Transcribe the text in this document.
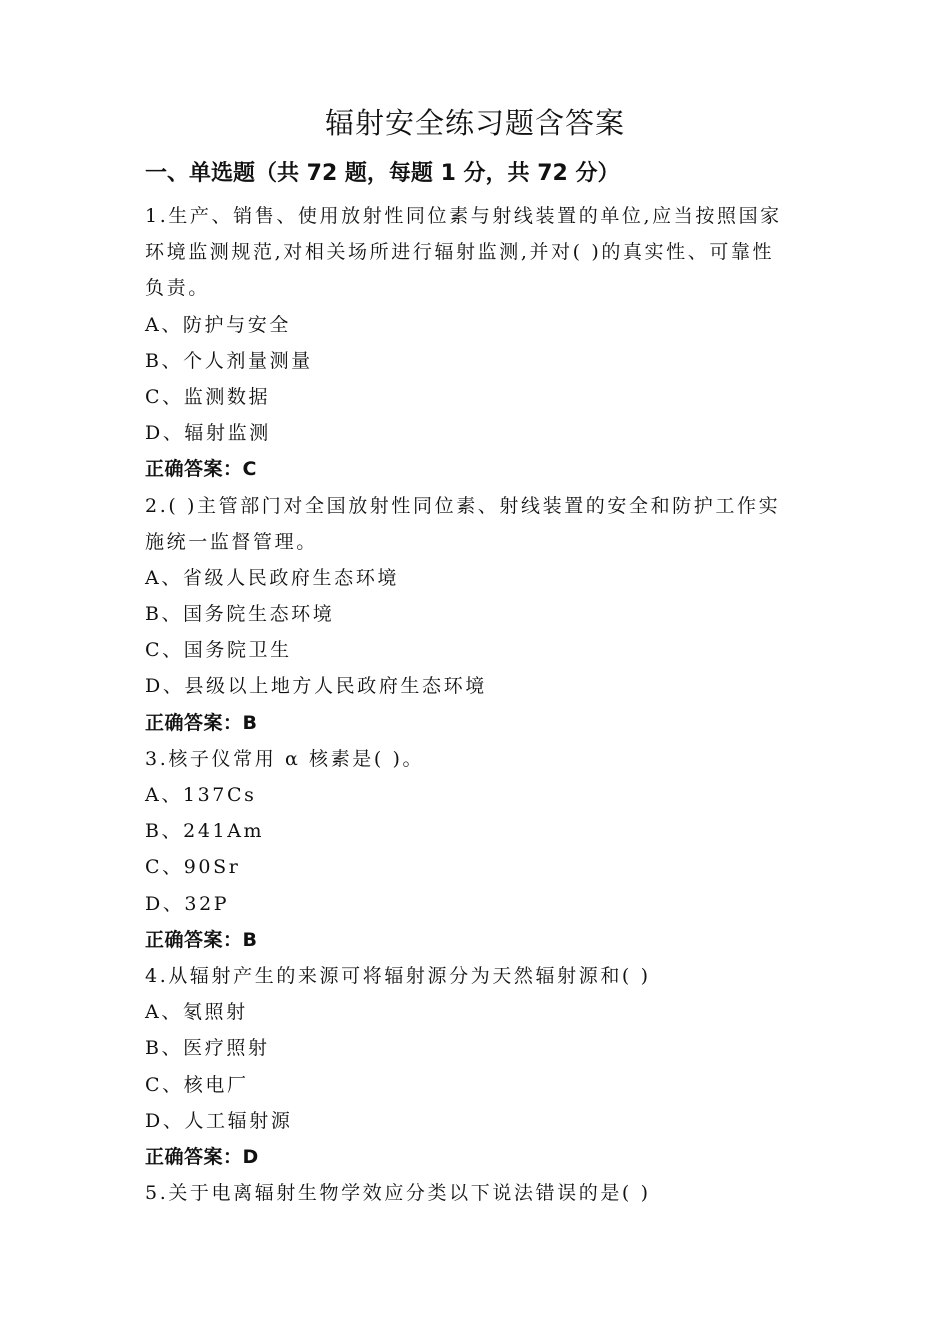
辐射安全练习题含答案
一、单选题（共 72 题，每题 1 分，共 72 分）

1.生产、销售、使用放射性同位素与射线装置的单位,应当按照国家

环境监测规范,对相关场所进行辐射监测,并对( )的真实性、可靠性

负责。

A、防护与安全

B、个人剂量测量

C、监测数据

D、辐射监测

正确答案：C

2.( )主管部门对全国放射性同位素、射线装置的安全和防护工作实

施统一监督管理。

A、省级人民政府生态环境

B、国务院生态环境

C、国务院卫生

D、县级以上地方人民政府生态环境

正确答案：B

3.核子仪常用 α 核素是( )。

A、137Cs

B、241Am

C、90Sr

D、32P

正确答案：B

4.从辐射产生的来源可将辐射源分为天然辐射源和( )

A、氡照射

B、医疗照射

C、核电厂

D、人工辐射源

正确答案：D

5.关于电离辐射生物学效应分类以下说法错误的是( )
